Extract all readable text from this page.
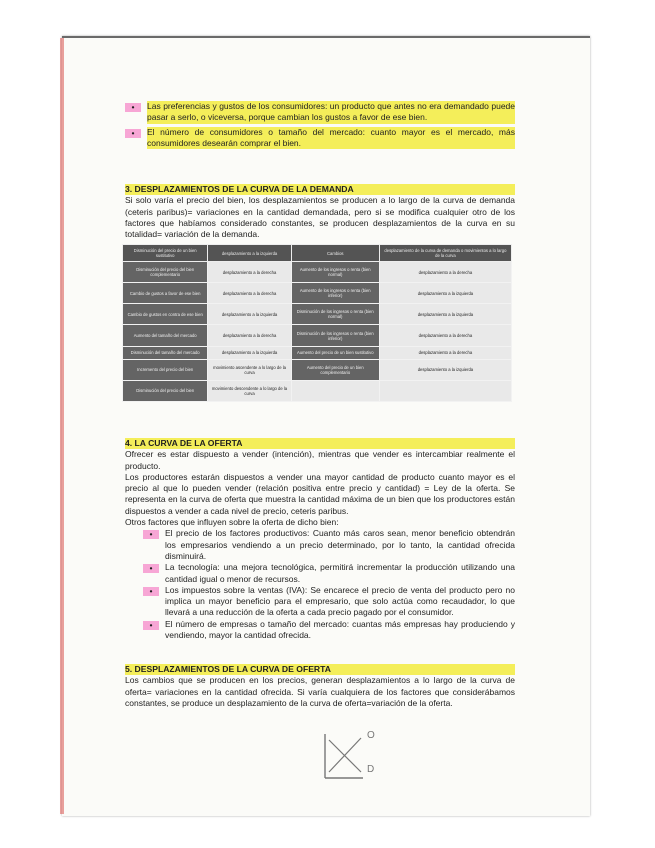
•	Las preferencias y gustos de los consumidores: un producto que antes no era demandado puede pasar a serlo, o viceversa, porque cambian los gustos a favor de ese bien.
•	El número de consumidores o tamaño del mercado: cuanto mayor es el mercado, más consumidores desearán comprar el bien.
3. DESPLAZAMIENTOS DE LA CURVA DE LA DEMANDA
Si solo varía el precio del bien, los desplazamientos se producen a lo largo de la curva de demanda (ceteris paribus)= variaciones en la cantidad demandada, pero si se modifica cualquier otro de los factores que habíamos considerado constantes, se producen desplazamientos de la curva en su totalidad= variación de la demanda.
Disminución del precio de un bien sustitutivo	desplazamiento a la izquierda	Cambios	desplazamiento de la curva de demanda o movimientos a lo largo de la curva
Disminución del precio del bien complementario	desplazamiento a la derecha	Aumento de los ingresos o renta (bien normal)	desplazamiento a la derecha
Cambio de gustos a favor de ese bien	desplazamiento a la derecha	Aumento de los ingresos o renta (bien inferior)	desplazamiento a la izquierda
Cambio de gustos en contra de ese bien	desplazamiento a la izquierda	Disminución de los ingresos o renta (bien normal)	desplazamiento a la izquierda
Aumento del tamaño del mercado	desplazamiento a la derecha	Disminución de los ingresos o renta (bien inferior)	desplazamiento a la derecha
Disminución del tamaño del mercado	desplazamiento a la izquierda	Aumento del precio de un bien sustitutivo	desplazamiento a la derecha
Incremento del precio del bien	movimiento ascendente a lo largo de la curva	Aumento del precio de un bien complementario	desplazamiento a la izquierda
Disminución del precio del bien	movimiento descendente a lo largo de la curva		
4. LA CURVA DE LA OFERTA
Ofrecer es estar dispuesto a vender (intención), mientras que vender es intercambiar realmente el producto.
Los productores estarán dispuestos a vender una mayor cantidad de producto cuanto mayor es el precio al que lo pueden vender (relación positiva entre precio y cantidad) = Ley de la oferta. Se representa en la curva de oferta que muestra la cantidad máxima de un bien que los productores están dispuestos a vender a cada nivel de precio, ceteris paribus.
Otros factores que influyen sobre la oferta de dicho bien:
•	El precio de los factores productivos: Cuanto más caros sean, menor beneficio obtendrán los empresarios vendiendo a un precio determinado, por lo tanto, la cantidad ofrecida disminuirá.
•	La tecnología: una mejora tecnológica, permitirá incrementar la producción utilizando una cantidad igual o menor de recursos.
•	Los impuestos sobre la ventas (IVA): Se encarece el precio de venta del producto pero no implica un mayor beneficio para el empresario, que solo actúa como recaudador, lo que llevará a una reducción de la oferta a cada precio pagado por el consumidor.
•	El número de empresas o tamaño del mercado: cuantas más empresas hay produciendo y vendiendo, mayor la cantidad ofrecida.
5. DESPLAZAMIENTOS DE LA CURVA DE OFERTA
Los cambios que se producen en los precios, generan desplazamientos a lo largo de la curva de oferta= variaciones en la cantidad ofrecida. Si varía cualquiera de los factores que considerábamos constantes, se produce un desplazamiento de la curva de oferta=variación de la oferta.
O
D
